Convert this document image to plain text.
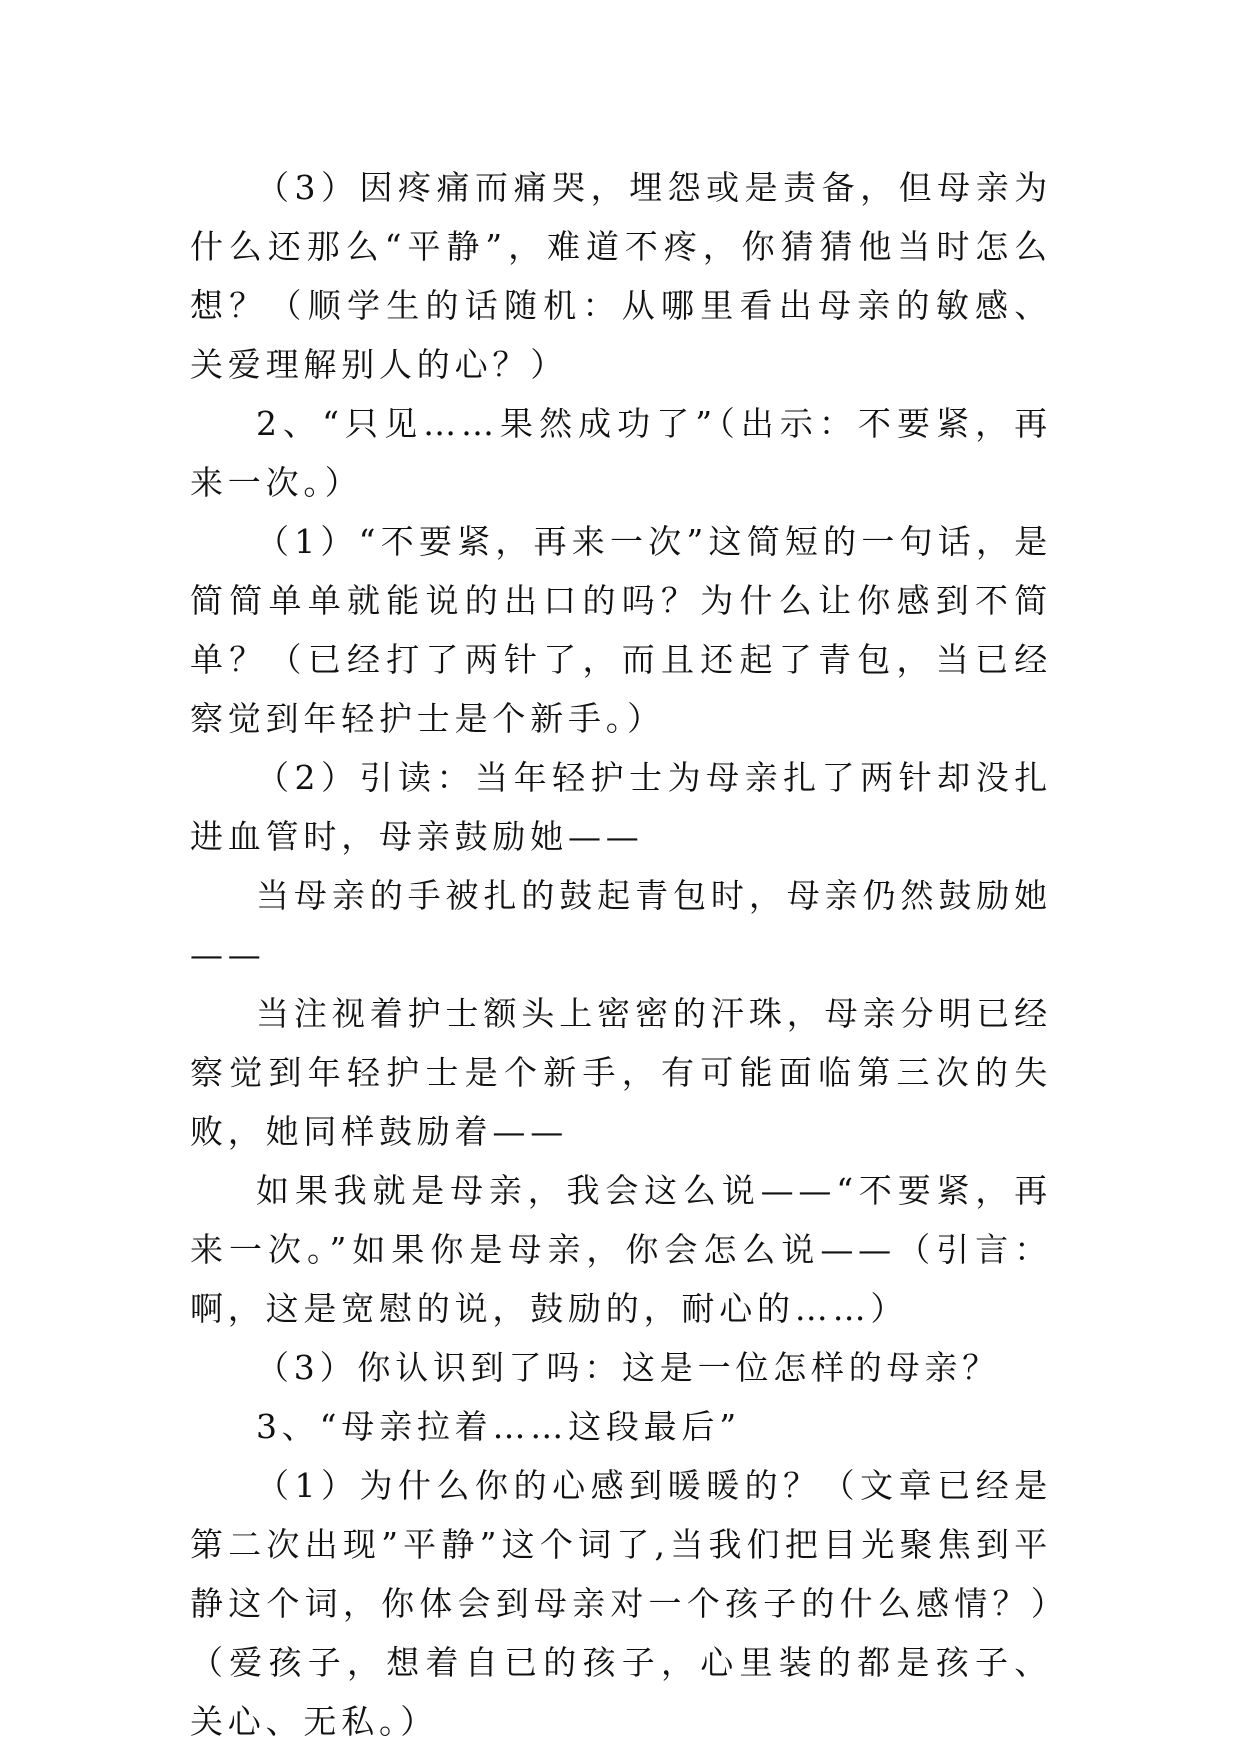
（3）因疼痛而痛哭，埋怨或是责备，但母亲为什么还那么“平静”，难道不疼，你猜猜他当时怎么想？（顺学生的话随机：从哪里看出母亲的敏感、关爱理解别人的心？）

2、“只见……果然成功了”（出示：不要紧，再来一次。）

（1）“不要紧，再来一次”这简短的一句话，是简简单单就能说的出口的吗？为什么让你感到不简单？（已经打了两针了，而且还起了青包，当已经察觉到年轻护士是个新手。）

（2）引读：当年轻护士为母亲扎了两针却没扎进血管时，母亲鼓励她——

当母亲的手被扎的鼓起青包时，母亲仍然鼓励她——

当注视着护士额头上密密的汗珠，母亲分明已经察觉到年轻护士是个新手，有可能面临第三次的失败，她同样鼓励着——

如果我就是母亲，我会这么说——“不要紧，再来一次。”如果你是母亲，你会怎么说——（引言：啊，这是宽慰的说，鼓励的，耐心的……）

（3）你认识到了吗：这是一位怎样的母亲？

3、“母亲拉着……这段最后”

（1）为什么你的心感到暖暖的？（文章已经是第二次出现”平静”这个词了,当我们把目光聚焦到平静这个词，你体会到母亲对一个孩子的什么感情？）（爱孩子，想着自已的孩子，心里装的都是孩子、关心、无私。）
